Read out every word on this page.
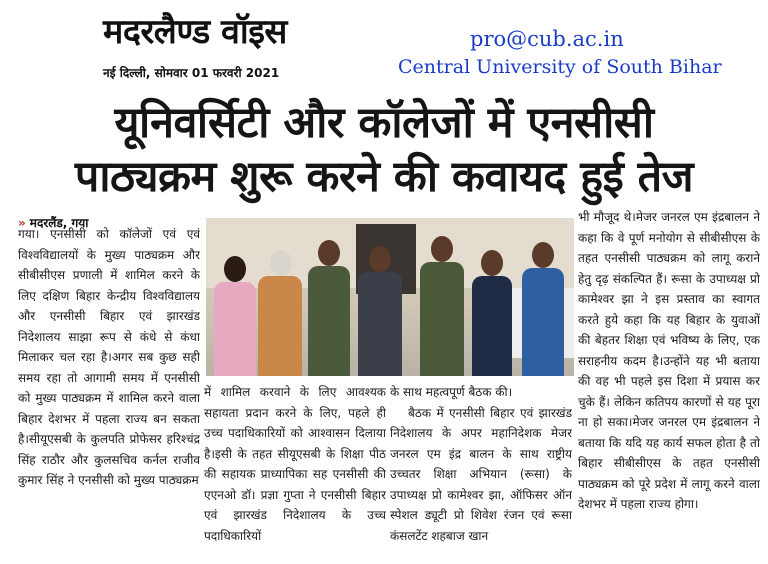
मदरलैण्ड वॉइस
नई दिल्ली, सोमवार 01 फरवरी 2021
pro@cub.ac.in
Central University of South Bihar
यूनिवर्सिटी और कॉलेजों में एनसीसी
पाठ्यक्रम शुरू करने की कवायद हुई तेज
» मदरलैंड, गया

गया। एनसीसी को कॉलेजों एवं एवं विश्वविद्यालयों के मुख्य पाठ्यक्रम और सीबीसीएस प्रणाली में शामिल करने के लिए दक्षिण बिहार केन्द्रीय विश्वविद्यालय और एनसीसी बिहार एवं झारखंड निदेशालय साझा रूप से कंधे से कंधा मिलाकर चल रहा है।अगर सब कुछ सही समय रहा तो आगामी समय में एनसीसी को मुख्य पाठ्यक्रम में शामिल करने वाला बिहार देशभर में पहला राज्य बन सकता है।सीयूएसबी के कुलपति प्रोफेसर हरिश्चंद्र सिंह राठौर और कुलसचिव कर्नल राजीव कुमार सिंह ने एनसीसी को मुख्य पाठ्यक्रम

में शामिल करवाने के लिए आवश्यक सहायता प्रदान करने के लिए, पहले ही उच्च पदाधिकारियों को आश्वासन दिलाया है।इसी के तहत सीयूएसबी के शिक्षा पीठ की सहायक प्राध्यापिका सह एनसीसी की एएनओ डॉ। प्रज्ञा गुप्ता ने एनसीसी बिहार एवं झारखंड निदेशालय के उच्च पदाधिकारियों

के साथ महत्वपूर्ण बैठक की।

बैठक में एनसीसी बिहार एवं झारखंड निदेशालय के अपर महानिदेशक मेजर जनरल एम इंद्र बालन के साथ राष्ट्रीय उच्चतर शिक्षा अभियान (रूसा) के उपाध्यक्ष प्रो कामेश्वर झा, ऑफिसर ऑन स्पेशल ड्यूटी प्रो शिवेश रंजन एवं रूसा कंसलटेंट शहबाज खान

भी मौजूद थे।मेजर जनरल एम इंद्रबालन ने कहा कि वे पूर्ण मनोयोग से सीबीसीएस के तहत एनसीसी पाठ्यक्रम को लागू कराने हेतु दृढ़ संकल्पित हैं। रूसा के उपाध्यक्ष प्रो कामेश्वर झा ने इस प्रस्ताव का स्वागत करते हुये कहा कि यह बिहार के युवाओं की बेहतर शिक्षा एवं भविष्य के लिए, एक सराहनीय कदम है।उन्होंने यह भी बताया की वह भी पहले इस दिशा में प्रयास कर चुके हैं। लेकिन कतिपय कारणों से यह पूरा ना हो सका।मेजर जनरल एम इंद्रबालन ने बताया कि यदि यह कार्य सफल होता है तो बिहार सीबीसीएस के तहत एनसीसी पाठ्यक्रम को पूरे प्रदेश में लागू करने वाला देशभर में पहला राज्य होगा।
